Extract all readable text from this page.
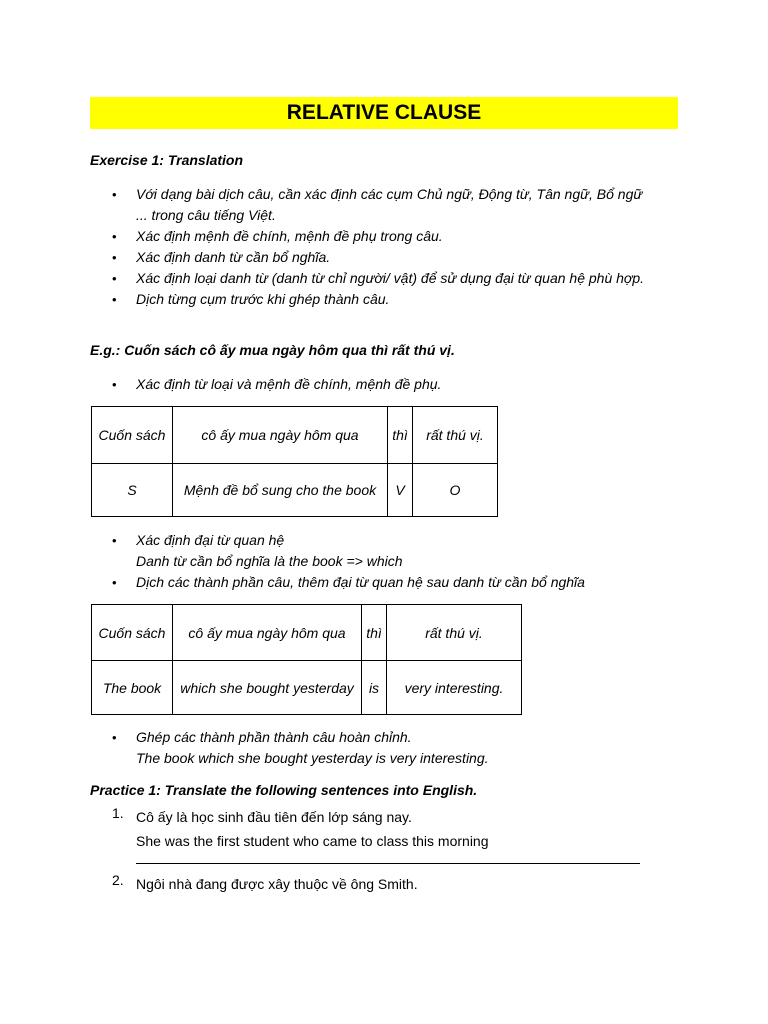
RELATIVE CLAUSE
Exercise 1: Translation
• Với dạng bài dịch câu, cần xác định các cụm Chủ ngữ, Động từ, Tân ngữ, Bổ ngữ ... trong câu tiếng Việt.
• Xác định mệnh đề chính, mệnh đề phụ trong câu.
• Xác định danh từ cần bổ nghĩa.
• Xác định loại danh từ (danh từ chỉ người/ vật) để sử dụng đại từ quan hệ phù hợp.
• Dịch từng cụm trước khi ghép thành câu.
E.g.: Cuốn sách cô ấy mua ngày hôm qua thì rất thú vị.
• Xác định từ loại và mệnh đề chính, mệnh đề phụ.
Cuốn sách	cô ấy mua ngày hôm qua	thì	rất thú vị.
S	Mệnh đề bổ sung cho the book	V	O
• Xác định đại từ quan hệ
Danh từ cần bổ nghĩa là the book => which
• Dịch các thành phần câu, thêm đại từ quan hệ sau danh từ cần bổ nghĩa
Cuốn sách	cô ấy mua ngày hôm qua	thì	rất thú vị.
The book	which she bought yesterday	is	very interesting.
• Ghép các thành phần thành câu hoàn chỉnh.
The book which she bought yesterday is very interesting.
Practice 1: Translate the following sentences into English.
1. Cô ấy là học sinh đầu tiên đến lớp sáng nay.
She was the first student who came to class this morning
2. Ngôi nhà đang được xây thuộc về ông Smith.
